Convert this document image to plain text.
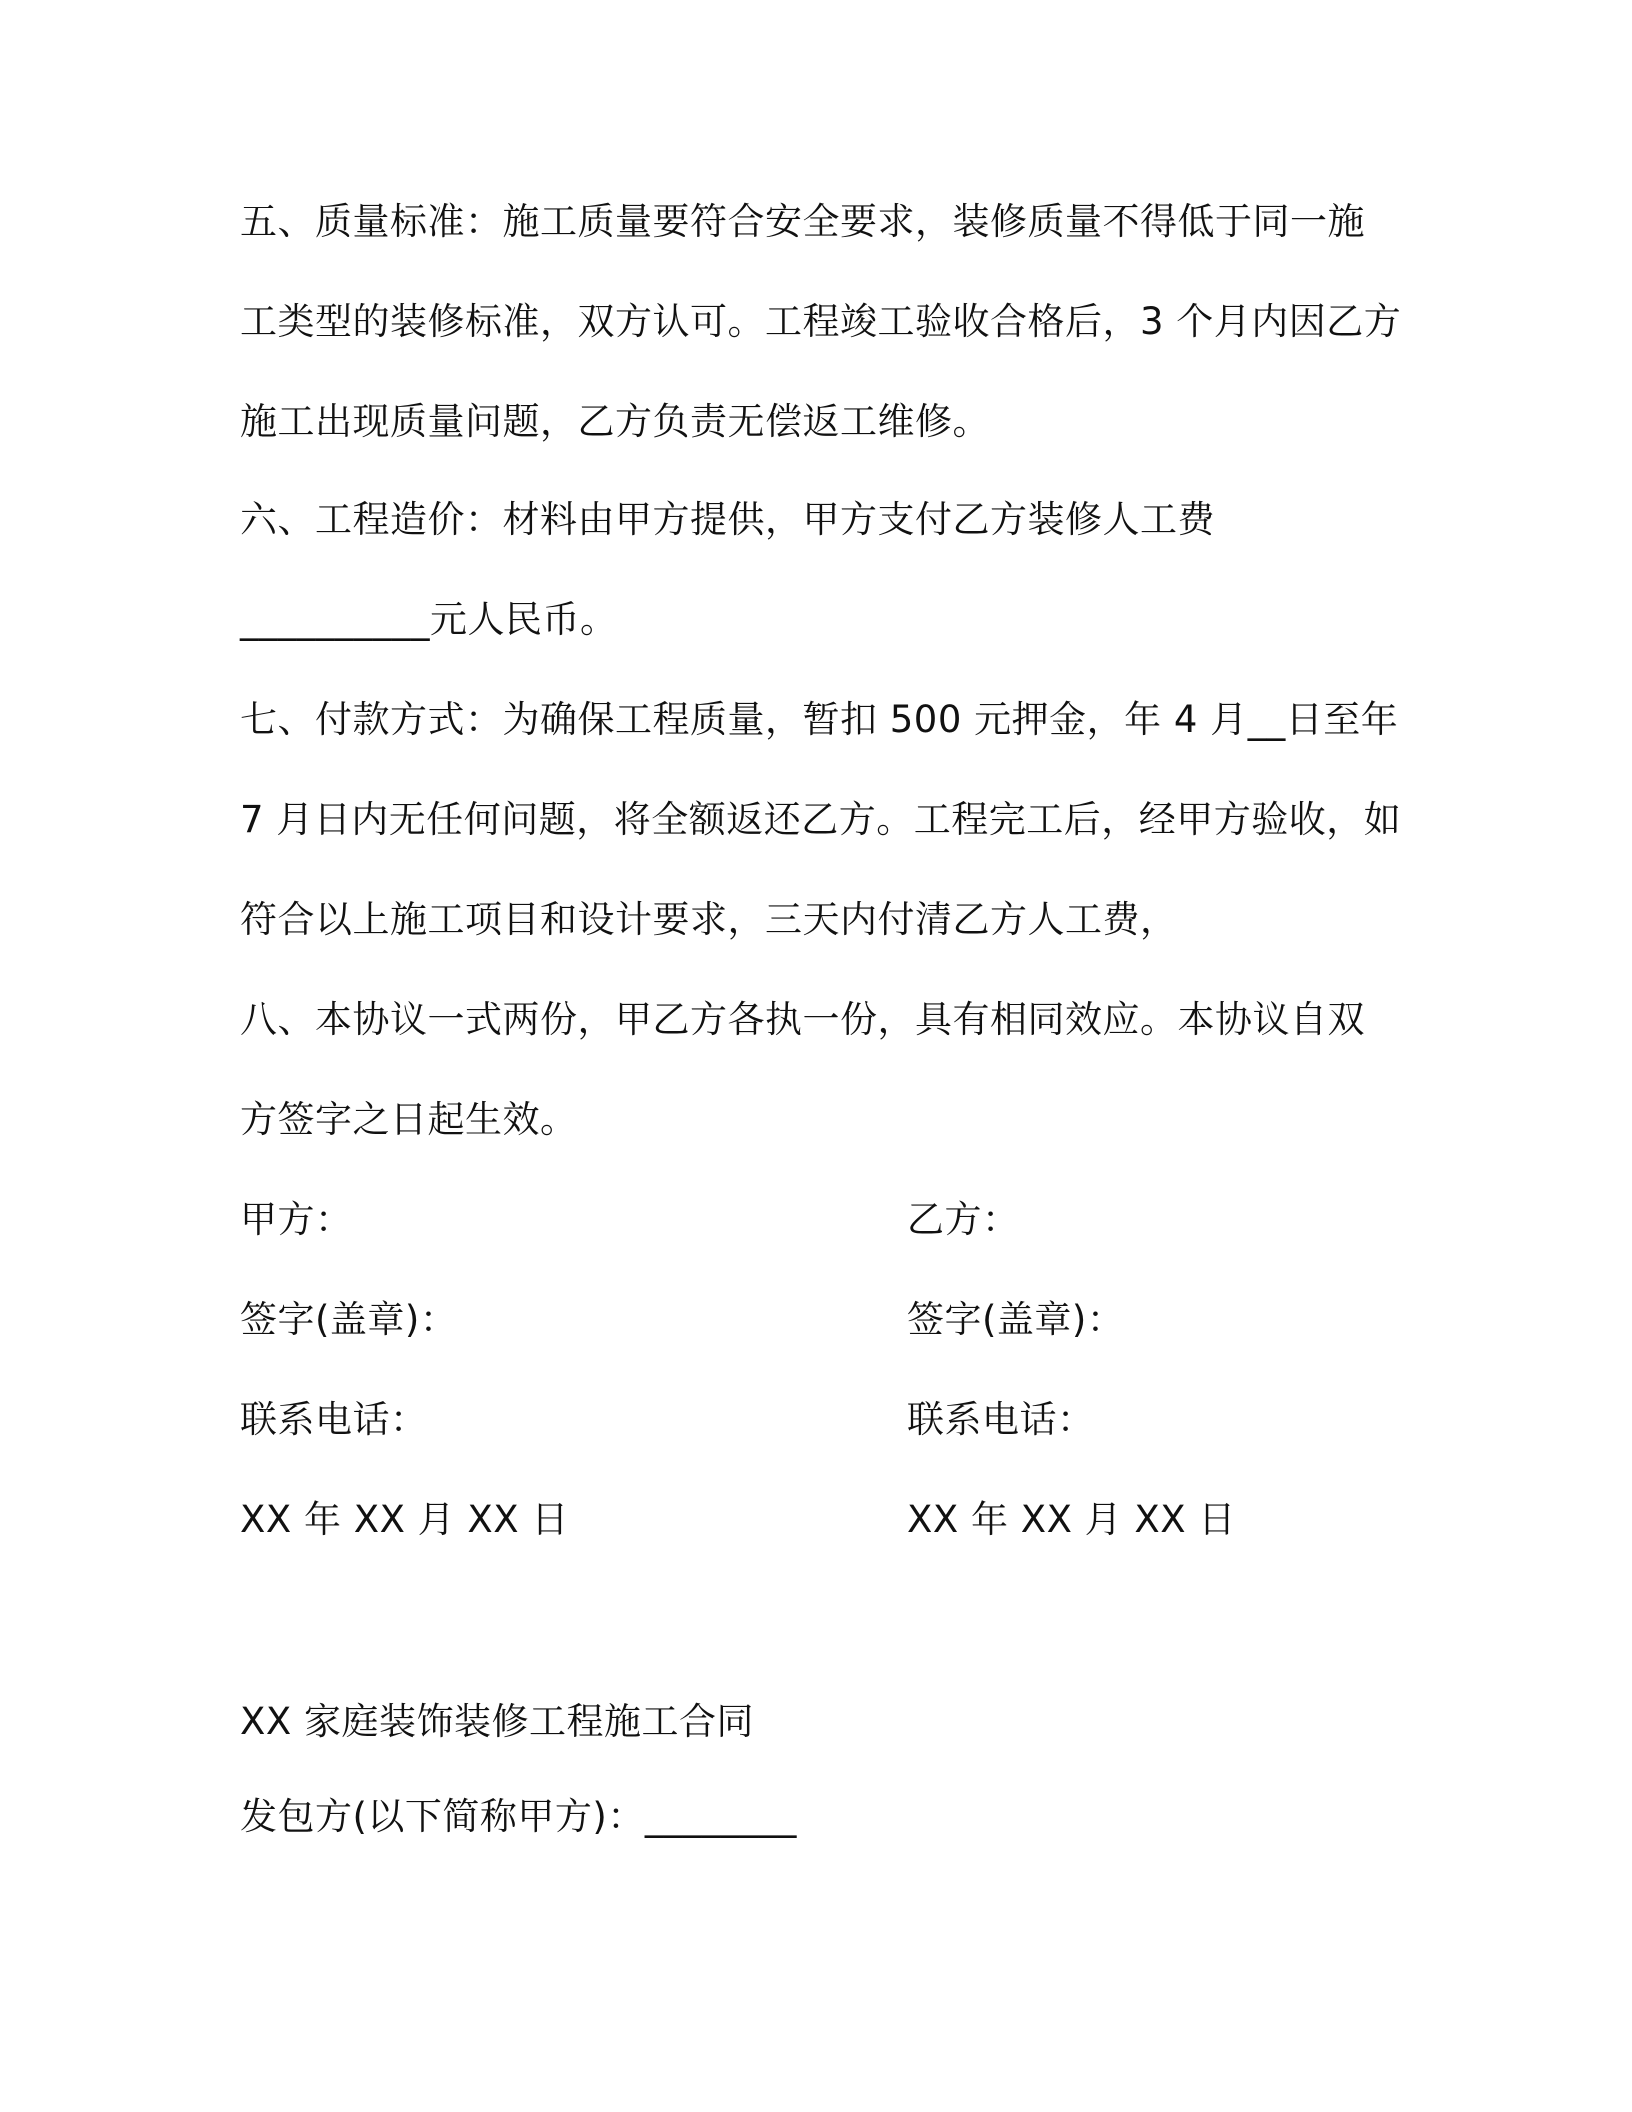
五、质量标准：施工质量要符合安全要求，装修质量不得低于同一施
工类型的装修标准，双方认可。工程竣工验收合格后，3 个月内因乙方
施工出现质量问题，乙方负责无偿返工维修。
六、工程造价：材料由甲方提供，甲方支付乙方装修人工费
__________元人民币。
七、付款方式：为确保工程质量，暂扣 500 元押金，年 4 月__日至年
7 月日内无任何问题，将全额返还乙方。工程完工后，经甲方验收，如
符合以上施工项目和设计要求，三天内付清乙方人工费，
八、本协议一式两份，甲乙方各执一份，具有相同效应。本协议自双
方签字之日起生效。
甲方：
签字(盖章)：
联系电话：
XX 年 XX 月 XX 日
乙方：
签字(盖章)：
联系电话：
XX 年 XX 月 XX 日
XX 家庭装饰装修工程施工合同
发包方(以下简称甲方)：________
